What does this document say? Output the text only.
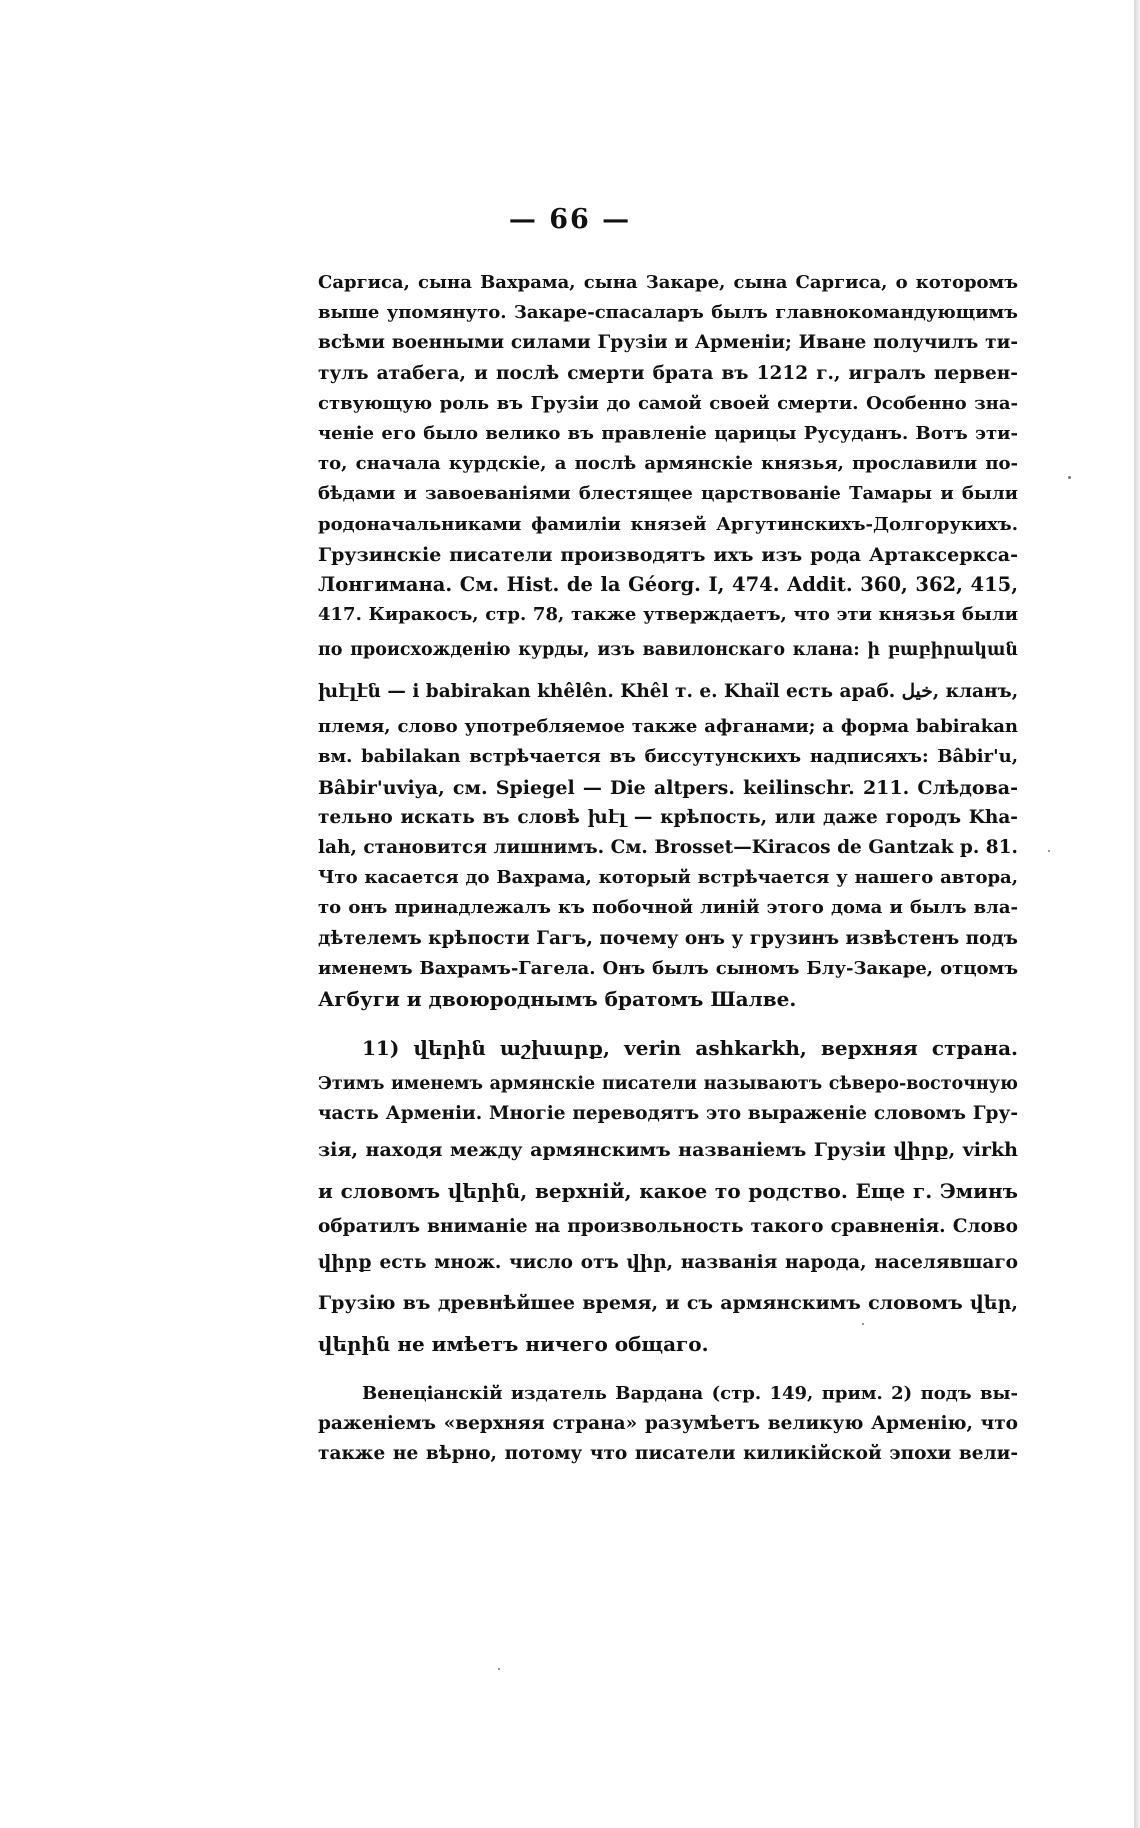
— 66 —
Саргиса, сына Вахрама, сына Закаре, сына Саргиса, о которомъ
выше упомянуто. Закаре-спасаларъ былъ главнокомандующимъ
всѣми военными силами Грузіи и Арменіи; Иване получилъ ти-
тулъ атабега, и послѣ смерти брата въ 1212 г., игралъ первен-
ствующую роль въ Грузіи до самой своей смерти. Особенно зна-
ченіе его было велико въ правленіе царицы Русуданъ. Вотъ эти-
то, сначала курдскіе, а послѣ армянскіе князья, прославили по-
бѣдами и завоеваніями блестящее царствованіе Тамары и были
родоначальниками фамиліи князей Аргутинскихъ-Долгорукихъ.
Грузинскіе писатели производятъ ихъ изъ рода Артаксеркса-
Лонгимана. См. Hist. de la Géorg. I, 474. Addit. 360, 362, 415,
417. Киракосъ, стр. 78, также утверждаетъ, что эти князья были
по происхожденію курды, изъ вавилонскаго клана: ի բաբիրական
խէլէն — i babirakan khêlên. Khêl т. е. Khaïl есть араб. خيل, кланъ,
племя, слово употребляемое также афганами; а форма babirakan
вм. babilakan встрѣчается въ биссутунскихъ надписяхъ: Bâbir'u,
Bâbir'uviya, см. Spiegel — Die altpers. keilinschr. 211. Слѣдова-
тельно искать въ словѣ խէլ — крѣпость, или даже городъ Kha-
lah, становится лишнимъ. См. Brosset—Kiracos de Gantzak p. 81.
Что касается до Вахрама, который встрѣчается у нашего автора,
то онъ принадлежалъ къ побочной линій этого дома и былъ вла-
дѣтелемъ крѣпости Гагъ, почему онъ у грузинъ извѣстенъ подъ
именемъ Вахрамъ-Гагела. Онъ былъ сыномъ Блу-Закаре, отцомъ
Агбуги и двоюроднымъ братомъ Шалве.
11) վերին աշխարք, verin ashkarkh, верхняя страна.
Этимъ именемъ армянскіе писатели называютъ сѣверо-восточную
часть Арменіи. Многіе переводятъ это выраженіе словомъ Гру-
зія, находя между армянскимъ названіемъ Грузіи վիրք, virkh
и словомъ վերին, верхній, какое то родство. Еще г. Эминъ
обратилъ вниманіе на произвольность такого сравненія. Слово
վիրք есть множ. число отъ վիր, названія народа, населявшаго
Грузію въ древнѣйшее время, и съ армянскимъ словомъ վեր,
վերին не имѣетъ ничего общаго.
Венеціанскій издатель Вардана (стр. 149, прим. 2) подъ вы-
раженіемъ «верхняя страна» разумѣетъ великую Арменію, что
также не вѣрно, потому что писатели киликійской эпохи вели-
